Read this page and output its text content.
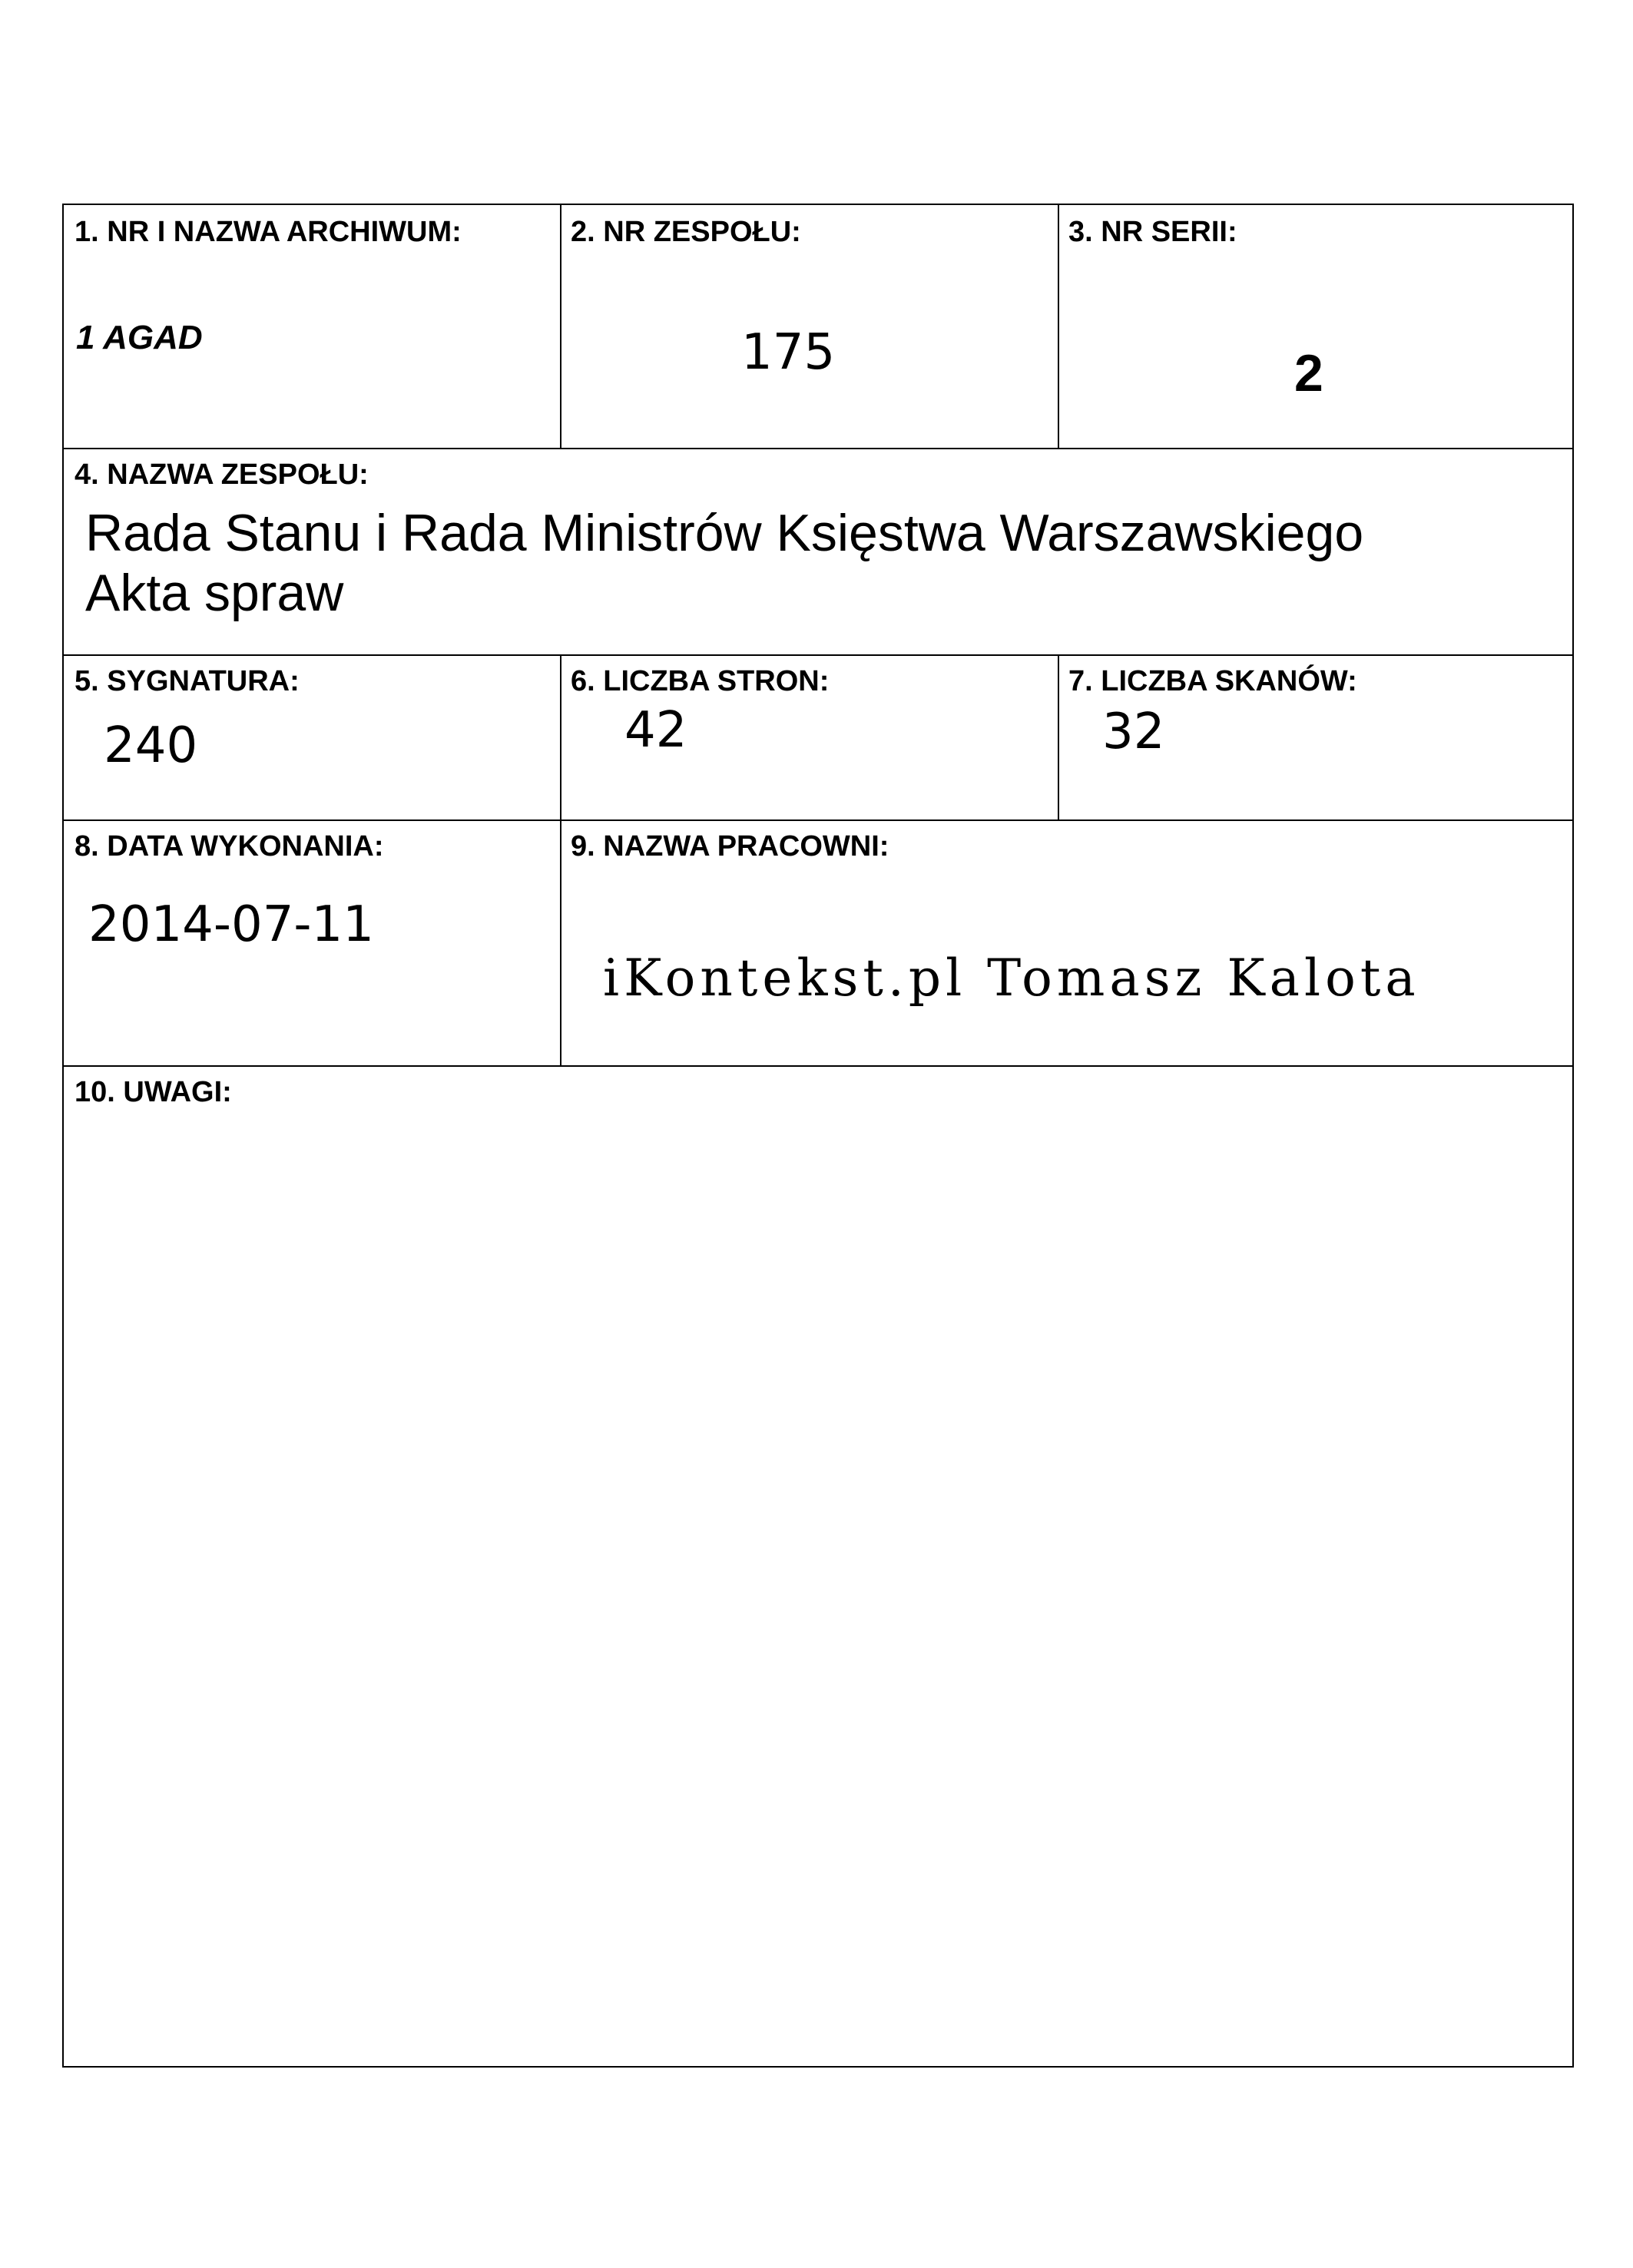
1. NR I NAZWA ARCHIWUM:
1 AGAD
2. NR ZESPOŁU:
175
3. NR SERII:
2
4. NAZWA ZESPOŁU:
Rada Stanu i Rada Ministrów Księstwa Warszawskiego
Akta spraw
5. SYGNATURA:
240
6. LICZBA STRON:
42
7. LICZBA SKANÓW:
32
8. DATA WYKONANIA:
2014-07-11
9. NAZWA PRACOWNI:
iKontekst.pl Tomasz Kalota
10. UWAGI:
